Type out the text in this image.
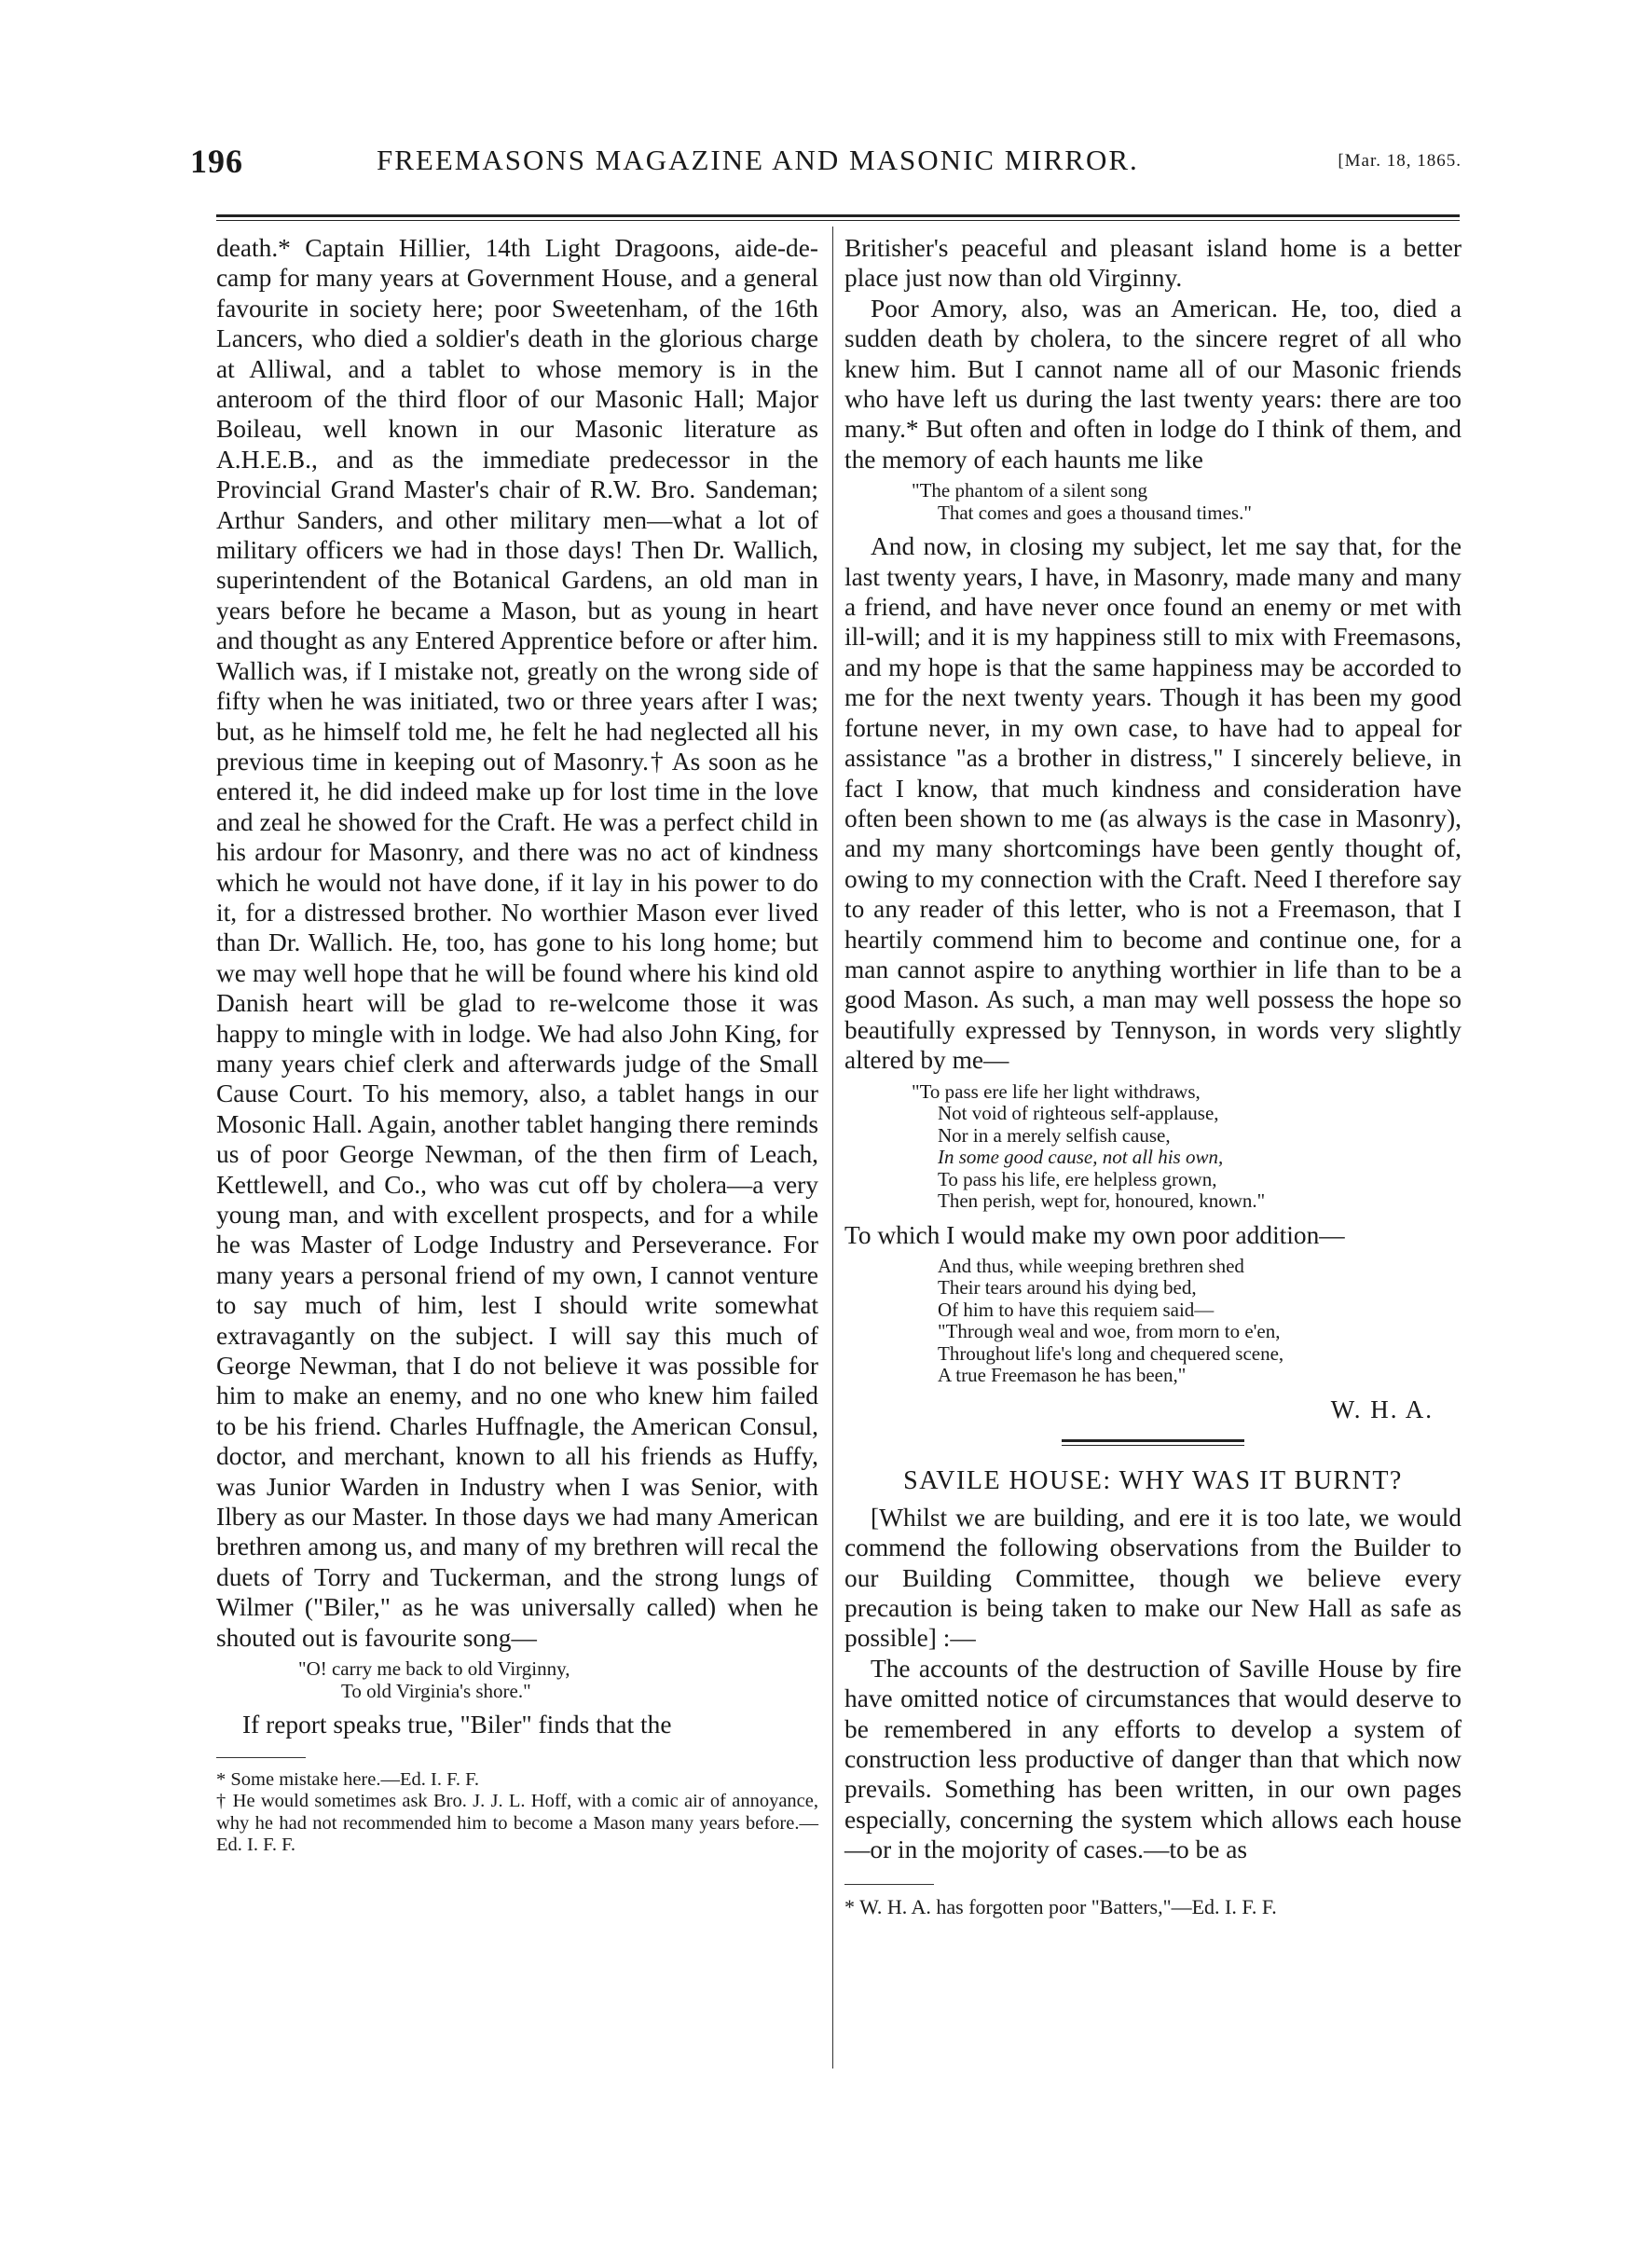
196	FREEMASONS MAGAZINE AND MASONIC MIRROR.	[Mar. 18, 1865.

death.* Captain Hillier, 14th Light Dragoons, aide-de-camp for many years at Government House, and a general favourite in society here; poor Sweetenham, of the 16th Lancers, who died a soldier's death in the glorious charge at Alliwal, and a tablet to whose memory is in the anteroom of the third floor of our Masonic Hall; Major Boileau, well known in our Masonic literature as A.H.E.B., and as the immediate predecessor in the Provincial Grand Master's chair of R.W. Bro. Sandeman; Arthur Sanders, and other military men—what a lot of military officers we had in those days! Then Dr. Wallich, superintendent of the Botanical Gardens, an old man in years before he became a Mason, but as young in heart and thought as any Entered Apprentice before or after him. Wallich was, if I mistake not, greatly on the wrong side of fifty when he was initiated, two or three years after I was; but, as he himself told me, he felt he had neglected all his previous time in keeping out of Masonry.† As soon as he entered it, he did indeed make up for lost time in the love and zeal he showed for the Craft. He was a perfect child in his ardour for Masonry, and there was no act of kindness which he would not have done, if it lay in his power to do it, for a distressed brother. No worthier Mason ever lived than Dr. Wallich. He, too, has gone to his long home; but we may well hope that he will be found where his kind old Danish heart will be glad to re-welcome those it was happy to mingle with in lodge. We had also John King, for many years chief clerk and afterwards judge of the Small Cause Court. To his memory, also, a tablet hangs in our Mosonic Hall. Again, another tablet hanging there reminds us of poor George Newman, of the then firm of Leach, Kettlewell, and Co., who was cut off by cholera—a very young man, and with excellent prospects, and for a while he was Master of Lodge Industry and Perseverance. For many years a personal friend of my own, I cannot venture to say much of him, lest I should write somewhat extravagantly on the subject. I will say this much of George Newman, that I do not believe it was possible for him to make an enemy, and no one who knew him failed to be his friend. Charles Huffnagle, the American Consul, doctor, and merchant, known to all his friends as Huffy, was Junior Warden in Industry when I was Senior, with Ilbery as our Master. In those days we had many American brethren among us, and many of my brethren will recal the duets of Torry and Tuckerman, and the strong lungs of Wilmer ("Biler," as he was universally called) when he shouted out is favourite song—

"O! carry me back to old Virginny,
To old Virginia's shore."

If report speaks true, "Biler" finds that the

* Some mistake here.—Ed. I. F. F.
† He would sometimes ask Bro. J. J. L. Hoff, with a comic air of annoyance, why he had not recommended him to become a Mason many years before.—Ed. I. F. F.

Britisher's peaceful and pleasant island home is a better place just now than old Virginny.

Poor Amory, also, was an American. He, too, died a sudden death by cholera, to the sincere regret of all who knew him. But I cannot name all of our Masonic friends who have left us during the last twenty years: there are too many.* But often and often in lodge do I think of them, and the memory of each haunts me like

"The phantom of a silent song
That comes and goes a thousand times."

And now, in closing my subject, let me say that, for the last twenty years, I have, in Masonry, made many and many a friend, and have never once found an enemy or met with ill-will; and it is my happiness still to mix with Freemasons, and my hope is that the same happiness may be accorded to me for the next twenty years. Though it has been my good fortune never, in my own case, to have had to appeal for assistance "as a brother in distress," I sincerely believe, in fact I know, that much kindness and consideration have often been shown to me (as always is the case in Masonry), and my many shortcomings have been gently thought of, owing to my connection with the Craft. Need I therefore say to any reader of this letter, who is not a Freemason, that I heartily commend him to become and continue one, for a man cannot aspire to anything worthier in life than to be a good Mason. As such, a man may well possess the hope so beautifully expressed by Tennyson, in words very slightly altered by me—

"To pass ere life her light withdraws,
Not void of righteous self-applause,
Nor in a merely selfish cause,
In some good cause, not all his own,
To pass his life, ere helpless grown,
Then perish, wept for, honoured, known."

To which I would make my own poor addition—

And thus, while weeping brethren shed
Their tears around his dying bed,
Of him to have this requiem said—
"Through weal and woe, from morn to e'en,
Throughout life's long and chequered scene,
A true Freemason he has been,"
W. H. A.
SAVILE HOUSE: WHY WAS IT BURNT?

[Whilst we are building, and ere it is too late, we would commend the following observations from the Builder to our Building Committee, though we believe every precaution is being taken to make our New Hall as safe as possible] :—

The accounts of the destruction of Saville House by fire have omitted notice of circumstances that would deserve to be remembered in any efforts to develop a system of construction less productive of danger than that which now prevails. Something has been written, in our own pages especially, concerning the system which allows each house—or in the mojority of cases.—to be as

* W. H. A. has forgotten poor "Batters,"—Ed. I. F. F.
